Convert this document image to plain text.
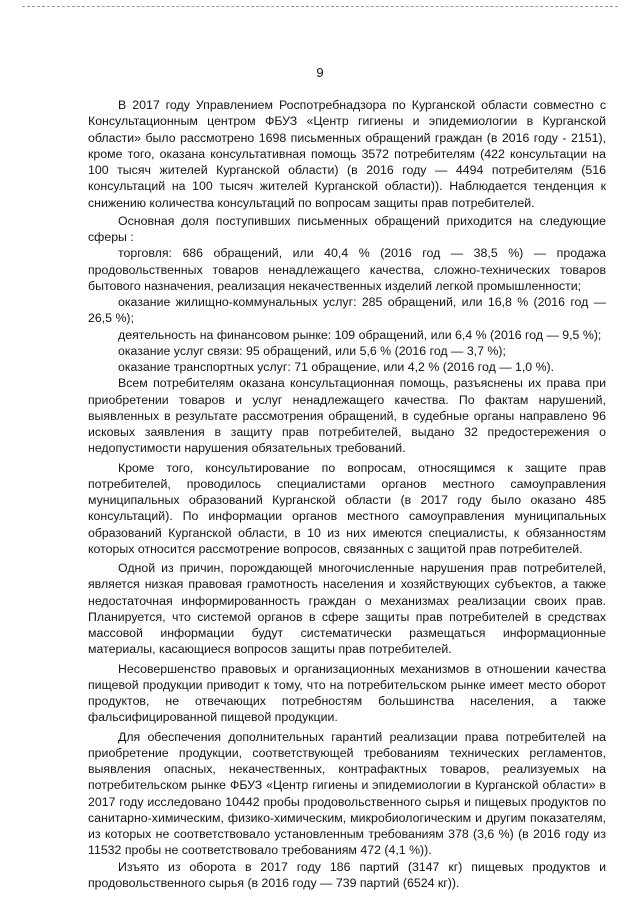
9

В 2017 году Управлением Роспотребнадзора по Курганской области совместно с Консультационным центром ФБУЗ «Центр гигиены и эпидемиологии в Курганской области» было рассмотрено 1698 письменных обращений граждан (в 2016 году - 2151), кроме того, оказана консультативная помощь 3572 потребителям (422 консультации на 100 тысяч жителей Курганской области) (в 2016 году — 4494 потребителям (516 консультаций на 100 тысяч жителей Курганской области)). Наблюдается тенденция к снижению количества консультаций по вопросам защиты прав потребителей.

Основная доля поступивших письменных обращений приходится на следующие сферы :

торговля: 686 обращений, или 40,4 % (2016 год — 38,5 %) — продажа продовольственных товаров ненадлежащего качества, сложно-технических товаров бытового назначения, реализация некачественных изделий легкой промышленности;

оказание жилищно-коммунальных услуг: 285 обращений, или 16,8 % (2016 год — 26,5 %);

деятельность на финансовом рынке: 109 обращений, или 6,4 % (2016 год — 9,5 %);

оказание услуг связи: 95 обращений, или 5,6 % (2016 год — 3,7 %);

оказание транспортных услуг: 71 обращение, или 4,2 % (2016 год — 1,0 %).

Всем потребителям оказана консультационная помощь, разъяснены их права при приобретении товаров и услуг ненадлежащего качества. По фактам нарушений, выявленных в результате рассмотрения обращений, в судебные органы направлено 96 исковых заявления в защиту прав потребителей, выдано 32 предостережения о недопустимости нарушения обязательных требований.

Кроме того, консультирование по вопросам, относящимся к защите прав потребителей, проводилось специалистами органов местного самоуправления муниципальных образований Курганской области (в 2017 году было оказано 485 консультаций). По информации органов местного самоуправления муниципальных образований Курганской области, в 10 из них имеются специалисты, к обязанностям которых относится рассмотрение вопросов, связанных с защитой прав потребителей.

Одной из причин, порождающей многочисленные нарушения прав потребителей, является низкая правовая грамотность населения и хозяйствующих субъектов, а также недостаточная информированность граждан о механизмах реализации своих прав. Планируется, что системой органов в сфере защиты прав потребителей в средствах массовой информации будут систематически размещаться информационные материалы, касающиеся вопросов защиты прав потребителей.

Несовершенство правовых и организационных механизмов в отношении качества пищевой продукции приводит к тому, что на потребительском рынке имеет место оборот продуктов, не отвечающих потребностям большинства населения, а также фальсифицированной пищевой продукции.

Для обеспечения дополнительных гарантий реализации права потребителей на приобретение продукции, соответствующей требованиям технических регламентов, выявления опасных, некачественных, контрафактных товаров, реализуемых на потребительском рынке ФБУЗ «Центр гигиены и эпидемиологии в Курганской области» в 2017 году исследовано 10442 пробы продовольственного сырья и пищевых продуктов по санитарно-химическим, физико-химическим, микробиологическим и другим показателям, из которых не соответствовало установленным требованиям 378 (3,6 %) (в 2016 году из 11532 пробы не соответствовало требованиям 472 (4,1 %)).

Изъято из оборота в 2017 году 186 партий (3147 кг) пищевых продуктов и продовольственного сырья (в 2016 году — 739 партий (6524 кг)).
